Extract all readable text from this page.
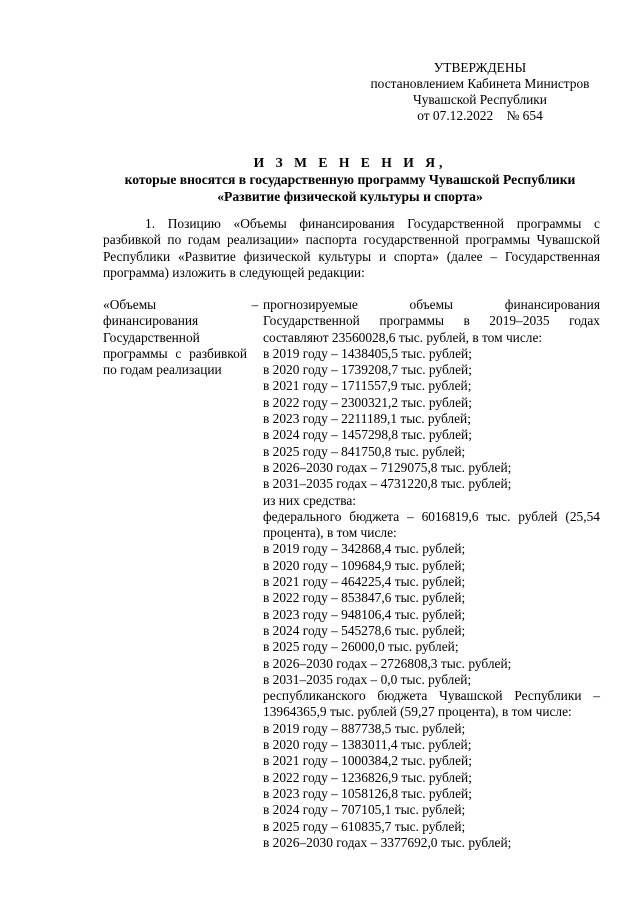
УТВЕРЖДЕНЫ
постановлением Кабинета Министров
Чувашской Республики
от 07.12.2022 № 654
И З М Е Н Е Н И Я,
которые вносятся в государственную программу Чувашской Республики
«Развитие физической культуры и спорта»
1. Позицию «Объемы финансирования Государственной программы с разбивкой по годам реализации» паспорта государственной программы Чувашской Республики «Развитие физической культуры и спорта» (далее – Государственная программа) изложить в следующей редакции:
«Объемы финансирования Государственной программы с разбивкой по годам реализации
– прогнозируемые объемы финансирования Государственной программы в 2019–2035 годах составляют 23560028,6 тыс. рублей, в том числе:
в 2019 году – 1438405,5 тыс. рублей;
в 2020 году – 1739208,7 тыс. рублей;
в 2021 году – 1711557,9 тыс. рублей;
в 2022 году – 2300321,2 тыс. рублей;
в 2023 году – 2211189,1 тыс. рублей;
в 2024 году – 1457298,8 тыс. рублей;
в 2025 году – 841750,8 тыс. рублей;
в 2026–2030 годах – 7129075,8 тыс. рублей;
в 2031–2035 годах – 4731220,8 тыс. рублей;
из них средства:
федерального бюджета – 6016819,6 тыс. рублей (25,54 процента), в том числе:
в 2019 году – 342868,4 тыс. рублей;
в 2020 году – 109684,9 тыс. рублей;
в 2021 году – 464225,4 тыс. рублей;
в 2022 году – 853847,6 тыс. рублей;
в 2023 году – 948106,4 тыс. рублей;
в 2024 году – 545278,6 тыс. рублей;
в 2025 году – 26000,0 тыс. рублей;
в 2026–2030 годах – 2726808,3 тыс. рублей;
в 2031–2035 годах – 0,0 тыс. рублей;
республиканского бюджета Чувашской Республики – 13964365,9 тыс. рублей (59,27 процента), в том числе:
в 2019 году – 887738,5 тыс. рублей;
в 2020 году – 1383011,4 тыс. рублей;
в 2021 году – 1000384,2 тыс. рублей;
в 2022 году – 1236826,9 тыс. рублей;
в 2023 году – 1058126,8 тыс. рублей;
в 2024 году – 707105,1 тыс. рублей;
в 2025 году – 610835,7 тыс. рублей;
в 2026–2030 годах – 3377692,0 тыс. рублей;
